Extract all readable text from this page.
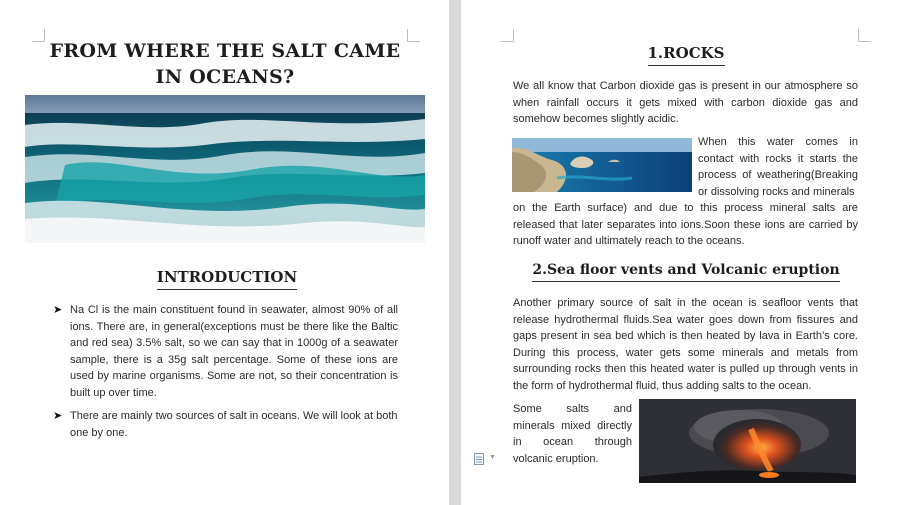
FROM WHERE THE SALT CAME IN OCEANS?
INTRODUCTION
➤ Na Cl is the main constituent found in seawater, almost 90% of all ions. There are, in general(exceptions must be there like the Baltic and red sea) 3.5% salt, so we can say that in 1000g of a seawater sample, there is a 35g salt percentage. Some of these ions are used by marine organisms. Some are not, so their concentration is built up over time.
➤ There are mainly two sources of salt in oceans. We will look at both one by one.
1.ROCKS
We all know that Carbon dioxide gas is present in our atmosphere so when rainfall occurs it gets mixed with carbon dioxide gas and somehow becomes slightly acidic.
When this water comes in contact with rocks it starts the process of weathering(Breaking or dissolving rocks and minerals
on the Earth surface) and due to this process mineral salts are released that later separates into ions.Soon these ions are carried by runoff water and ultimately reach to the oceans.
2.Sea floor vents and Volcanic eruption
Another primary source of salt in the ocean is seafloor vents that release hydrothermal fluids.Sea water goes down from fissures and gaps present in sea bed which is then heated by lava in Earth’s core. During this process, water gets some minerals and metals from surrounding rocks then this heated water is pulled up through vents in the form of hydrothermal fluid, thus adding salts to the ocean.
Some salts and minerals mixed directly in ocean through volcanic eruption.
▼
